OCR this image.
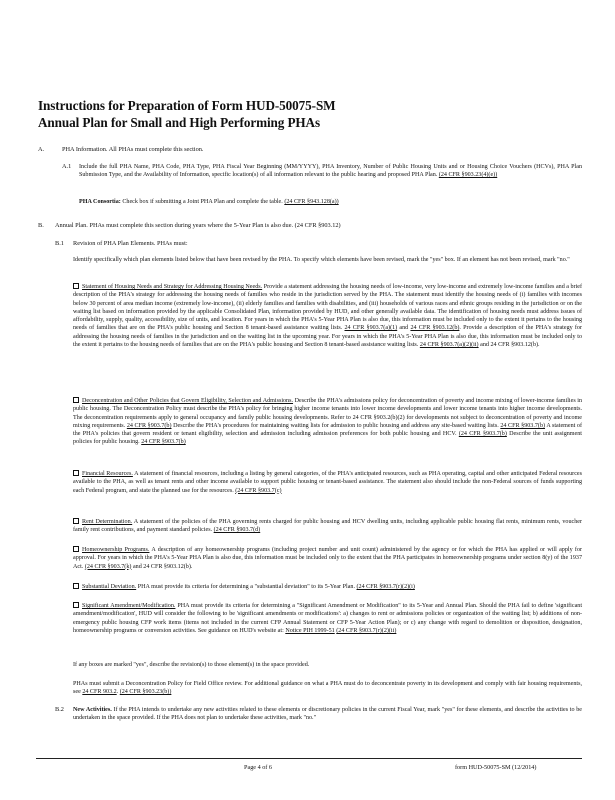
Instructions for Preparation of Form HUD-50075-SM
Annual Plan for Small and High Performing PHAs
A.	PHA Information. All PHAs must complete this section.
A.1 Include the full PHA Name, PHA Code, PHA Type, PHA Fiscal Year Beginning (MM/YYYY), PHA Inventory, Number of Public Housing Units and or Housing Choice Vouchers (HCVs), PHA Plan Submission Type, and the Availability of Information, specific location(s) of all information relevant to the public hearing and proposed PHA Plan. (24 CFR §903.23(4)(e))
PHA Consortia: Check box if submitting a Joint PHA Plan and complete the table. (24 CFR §943.128(a))
B. Annual Plan. PHAs must complete this section during years where the 5-Year Plan is also due. (24 CFR §903.12)
B.1 Revision of PHA Plan Elements. PHAs must:
Identify specifically which plan elements listed below that have been revised by the PHA. To specify which elements have been revised, mark the "yes" box. If an element has not been revised, mark "no."
Statement of Housing Needs and Strategy for Addressing Housing Needs. Provide a statement addressing the housing needs of low-income, very low-income and extremely low-income families and a brief description of the PHA's strategy for addressing the housing needs of families who reside in the jurisdiction served by the PHA. The statement must identify the housing needs of (i) families with incomes below 30 percent of area median income (extremely low-income), (ii) elderly families and families with disabilities, and (iii) households of various races and ethnic groups residing in the jurisdiction or on the waiting list based on information provided by the applicable Consolidated Plan, information provided by HUD, and other generally available data. The identification of housing needs must address issues of affordability, supply, quality, accessibility, size of units, and location. For years in which the PHA's 5-Year PHA Plan is also due, this information must be included only to the extent it pertains to the housing needs of families that are on the PHA's public housing and Section 8 tenant-based assistance waiting lists. 24 CFR §903.7(a)(1) and 24 CFR §903.12(b). Provide a description of the PHA's strategy for addressing the housing needs of families in the jurisdiction and on the waiting list in the upcoming year. For years in which the PHA's 5-Year PHA Plan is also due, this information must be included only to the extent it pertains to the housing needs of families that are on the PHA's public housing and Section 8 tenant-based assistance waiting lists. 24 CFR §903.7(a)(2)(ii) and 24 CFR §903.12(b).
Deconcentration and Other Policies that Govern Eligibility, Selection and Admissions. Describe the PHA's admissions policy for deconcentration of poverty and income mixing of lower-income families in public housing. The Deconcentration Policy must describe the PHA's policy for bringing higher income tenants into lower income developments and lower income tenants into higher income developments. The deconcentration requirements apply to general occupancy and family public housing developments. Refer to 24 CFR §903.2(b)(2) for developments not subject to deconcentration of poverty and income mixing requirements. 24 CFR §903.7(b) Describe the PHA's procedures for maintaining waiting lists for admission to public housing and address any site-based waiting lists. 24 CFR §903.7(b) A statement of the PHA's policies that govern resident or tenant eligibility, selection and admission including admission preferences for both public housing and HCV. (24 CFR §903.7(b) Describe the unit assignment policies for public housing. 24 CFR §903.7(b)
Financial Resources. A statement of financial resources, including a listing by general categories, of the PHA's anticipated resources, such as PHA operating, capital and other anticipated Federal resources available to the PHA, as well as tenant rents and other income available to support public housing or tenant-based assistance. The statement also should include the non-Federal sources of funds supporting each Federal program, and state the planned use for the resources. (24 CFR §903.7(c)
Rent Determination. A statement of the policies of the PHA governing rents charged for public housing and HCV dwelling units, including applicable public housing flat rents, minimum rents, voucher family rent contributions, and payment standard policies. (24 CFR §903.7(d)
Homeownership Programs. A description of any homeownership programs (including project number and unit count) administered by the agency or for which the PHA has applied or will apply for approval. For years in which the PHA's 5-Year PHA Plan is also due, this information must be included only to the extent that the PHA participates in homeownership programs under section 8(y) of the 1937 Act. (24 CFR §903.7(k) and 24 CFR §903.12(b).
Substantial Deviation. PHA must provide its criteria for determining a "substantial deviation" to its 5-Year Plan. (24 CFR §903.7(r)(2)(i)
Significant Amendment/Modification. PHA must provide its criteria for determining a "Significant Amendment or Modification" to its 5-Year and Annual Plan. Should the PHA fail to define 'significant amendment/modification', HUD will consider the following to be 'significant amendments or modifications': a) changes to rent or admissions policies or organization of the waiting list; b) additions of non-emergency public housing CFP work items (items not included in the current CFP Annual Statement or CFP 5-Year Action Plan); or c) any change with regard to demolition or disposition, designation, homeownership programs or conversion activities. See guidance on HUD's website at: Notice PIH 1999-51 (24 CFR §903.7(r)(2)(ii)
If any boxes are marked "yes", describe the revision(s) to those element(s) in the space provided.
PHAs must submit a Deconcentration Policy for Field Office review. For additional guidance on what a PHA must do to deconcentrate poverty in its development and comply with fair housing requirements, see 24 CFR 903.2. (24 CFR §903.23(b))
B.2 New Activities. If the PHA intends to undertake any new activities related to these elements or discretionary policies in the current Fiscal Year, mark "yes" for these elements, and describe the activities to be undertaken in the space provided. If the PHA does not plan to undertake these activities, mark "no."
Page 4 of 6	form HUD-50075-SM (12/2014)
